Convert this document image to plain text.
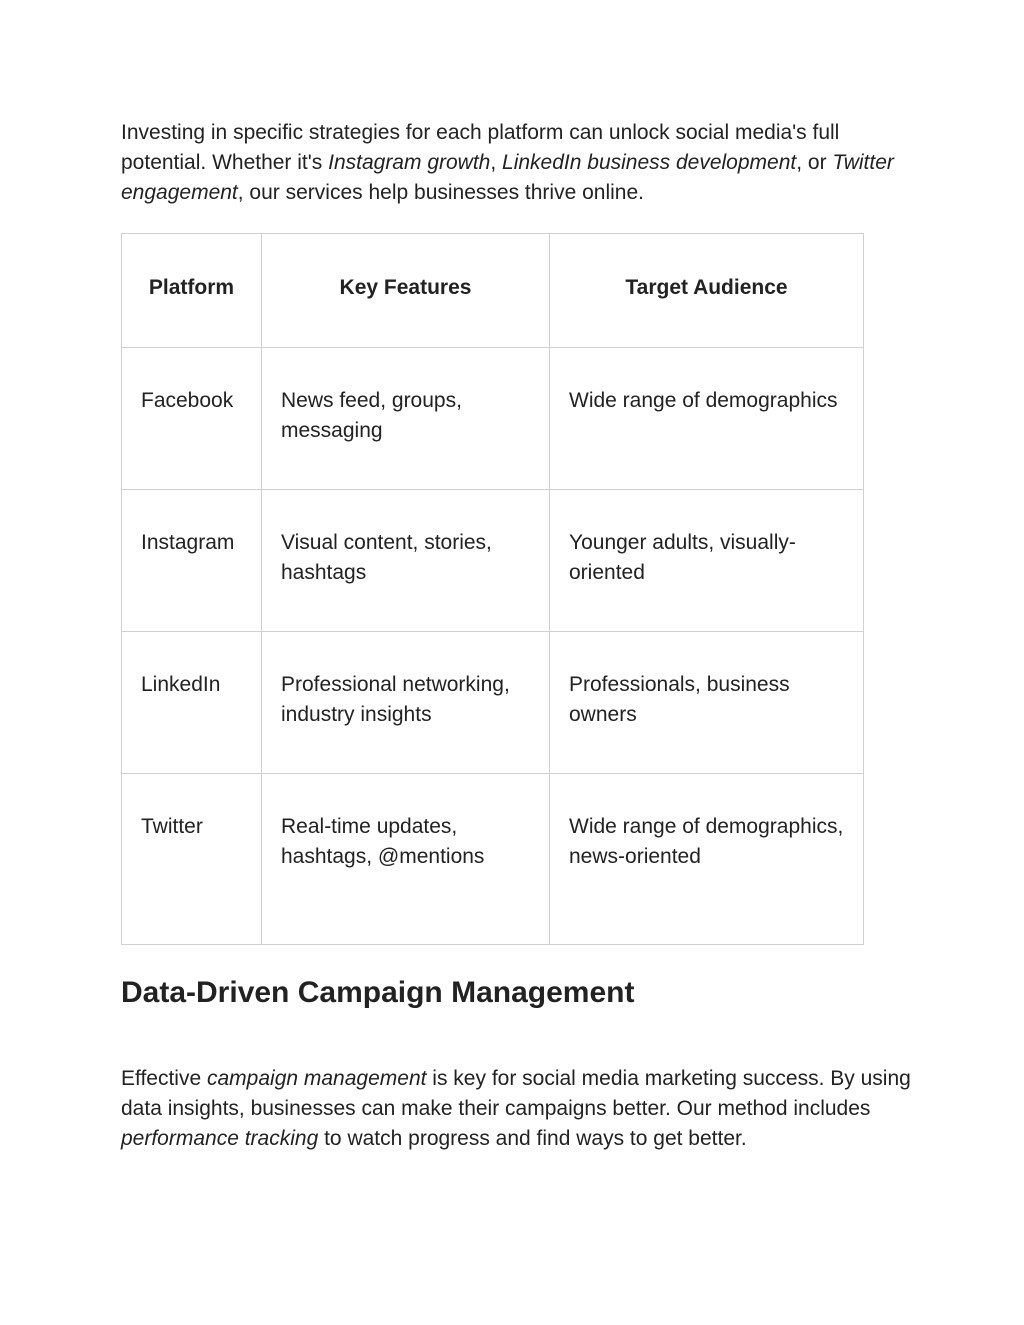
Investing in specific strategies for each platform can unlock social media's full potential. Whether it's Instagram growth, LinkedIn business development, or Twitter engagement, our services help businesses thrive online.

Platform	Key Features	Target Audience
Facebook	News feed, groups, messaging	Wide range of demographics
Instagram	Visual content, stories, hashtags	Younger adults, visually-oriented
LinkedIn	Professional networking, industry insights	Professionals, business owners
Twitter	Real-time updates, hashtags, @mentions	Wide range of demographics, news-oriented
Data-Driven Campaign Management

Effective campaign management is key for social media marketing success. By using data insights, businesses can make their campaigns better. Our method includes performance tracking to watch progress and find ways to get better.
